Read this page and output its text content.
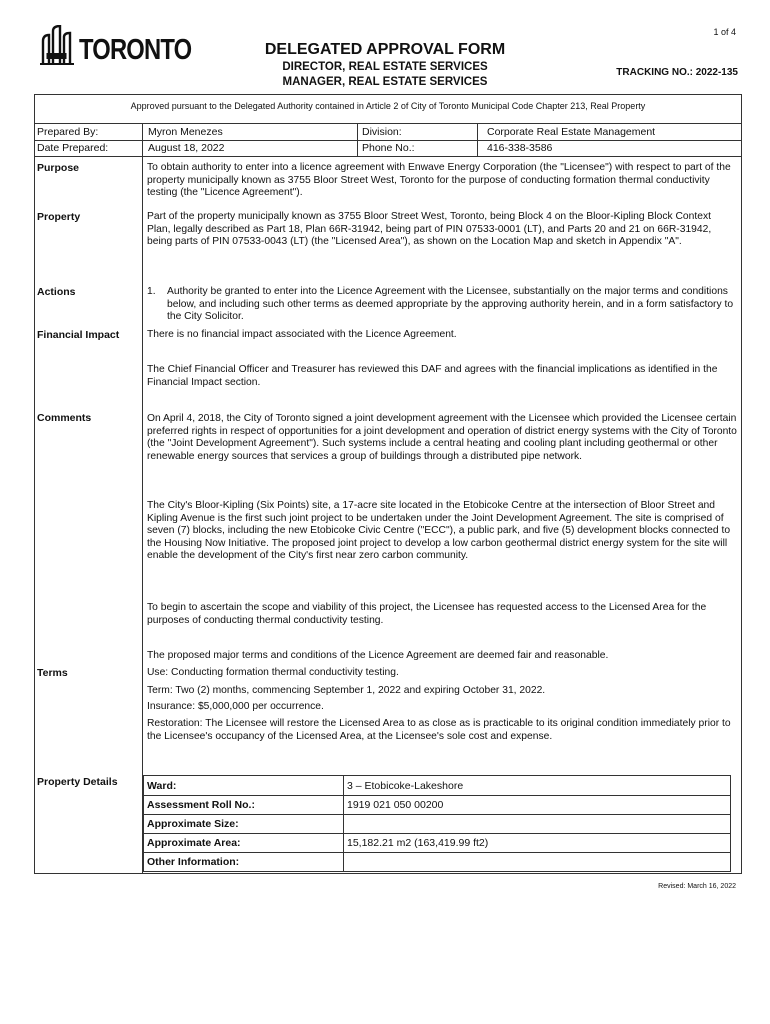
1 of 4
TORONTO	DELEGATED APPROVAL FORM
DIRECTOR, REAL ESTATE SERVICES
MANAGER, REAL ESTATE SERVICES
TRACKING NO.: 2022-135
Approved pursuant to the Delegated Authority contained in Article 2 of City of Toronto Municipal Code Chapter 213, Real Property
Prepared By:	Myron Menezes	Division:	Corporate Real Estate Management
Date Prepared:	August 18, 2022	Phone No.:	416-338-3586
Purpose	To obtain authority to enter into a licence agreement with Enwave Energy Corporation (the "Licensee") with respect to part of the property municipally known as 3755 Bloor Street West, Toronto for the purpose of conducting formation thermal conductivity testing (the "Licence Agreement").
Property	Part of the property municipally known as 3755 Bloor Street West, Toronto, being Block 4 on the Bloor-Kipling Block Context Plan, legally described as Part 18, Plan 66R-31942, being part of PIN 07533-0001 (LT), and Parts 20 and 21 on 66R-31942, being parts of PIN 07533-0043 (LT) (the "Licensed Area"), as shown on the Location Map and sketch in Appendix "A".
Actions	1.	Authority be granted to enter into the Licence Agreement with the Licensee, substantially on the major terms and conditions below, and including such other terms as deemed appropriate by the approving authority herein, and in a form satisfactory to the City Solicitor.
Financial Impact	There is no financial impact associated with the Licence Agreement.
The Chief Financial Officer and Treasurer has reviewed this DAF and agrees with the financial implications as identified in the Financial Impact section.
Comments	On April 4, 2018, the City of Toronto signed a joint development agreement with the Licensee which provided the Licensee certain preferred rights in respect of opportunities for a joint development and operation of district energy systems with the City of Toronto (the "Joint Development Agreement"). Such systems include a central heating and cooling plant including geothermal or other renewable energy sources that services a group of buildings through a distributed pipe network.
The City's Bloor-Kipling (Six Points) site, a 17-acre site located in the Etobicoke Centre at the intersection of Bloor Street and Kipling Avenue is the first such joint project to be undertaken under the Joint Development Agreement. The site is comprised of seven (7) blocks, including the new Etobicoke Civic Centre ("ECC"), a public park, and five (5) development blocks connected to the Housing Now Initiative. The proposed joint project to develop a low carbon geothermal district energy system for the site will enable the development of the City's first near zero carbon community.
To begin to ascertain the scope and viability of this project, the Licensee has requested access to the Licensed Area for the purposes of conducting thermal conductivity testing.
The proposed major terms and conditions of the Licence Agreement are deemed fair and reasonable.
Terms	Use: Conducting formation thermal conductivity testing.
Term: Two (2) months, commencing September 1, 2022 and expiring October 31, 2022.
Insurance: $5,000,000 per occurrence.
Restoration: The Licensee will restore the Licensed Area to as close as is practicable to its original condition immediately prior to the Licensee's occupancy of the Licensed Area, at the Licensee's sole cost and expense.
Property Details	Ward:	3 – Etobicoke-Lakeshore
Assessment Roll No.:	1919 021 050 00200
Approximate Size:
Approximate Area:	15,182.21 m2 (163,419.99 ft2)
Other Information:
Revised: March 16, 2022
